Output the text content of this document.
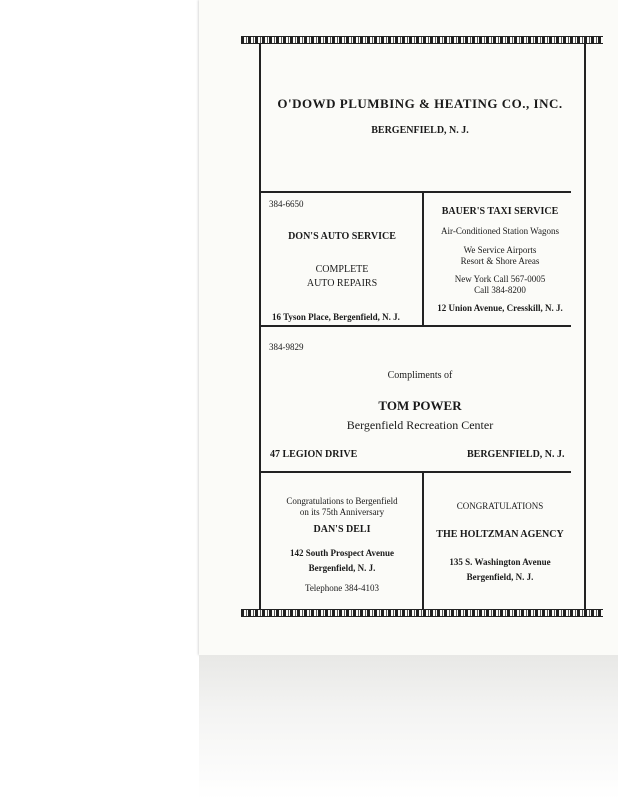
O'DOWD PLUMBING & HEATING CO., INC.
BERGENFIELD, N. J.
384-6650
DON'S AUTO SERVICE
COMPLETE
AUTO REPAIRS
16 Tyson Place, Bergenfield, N. J.
BAUER'S TAXI SERVICE
Air-Conditioned Station Wagons
We Service Airports
Resort & Shore Areas
New York Call 567-0005
Call 384-8200
12 Union Avenue, Cresskill, N. J.
384-9829
Compliments of
TOM POWER
Bergenfield Recreation Center
47 LEGION DRIVE	BERGENFIELD, N. J.
Congratulations to Bergenfield
on its 75th Anniversary
DAN'S DELI
142 South Prospect Avenue
Bergenfield, N. J.
Telephone 384-4103
CONGRATULATIONS
THE HOLTZMAN AGENCY
135 S. Washington Avenue
Bergenfield, N. J.
